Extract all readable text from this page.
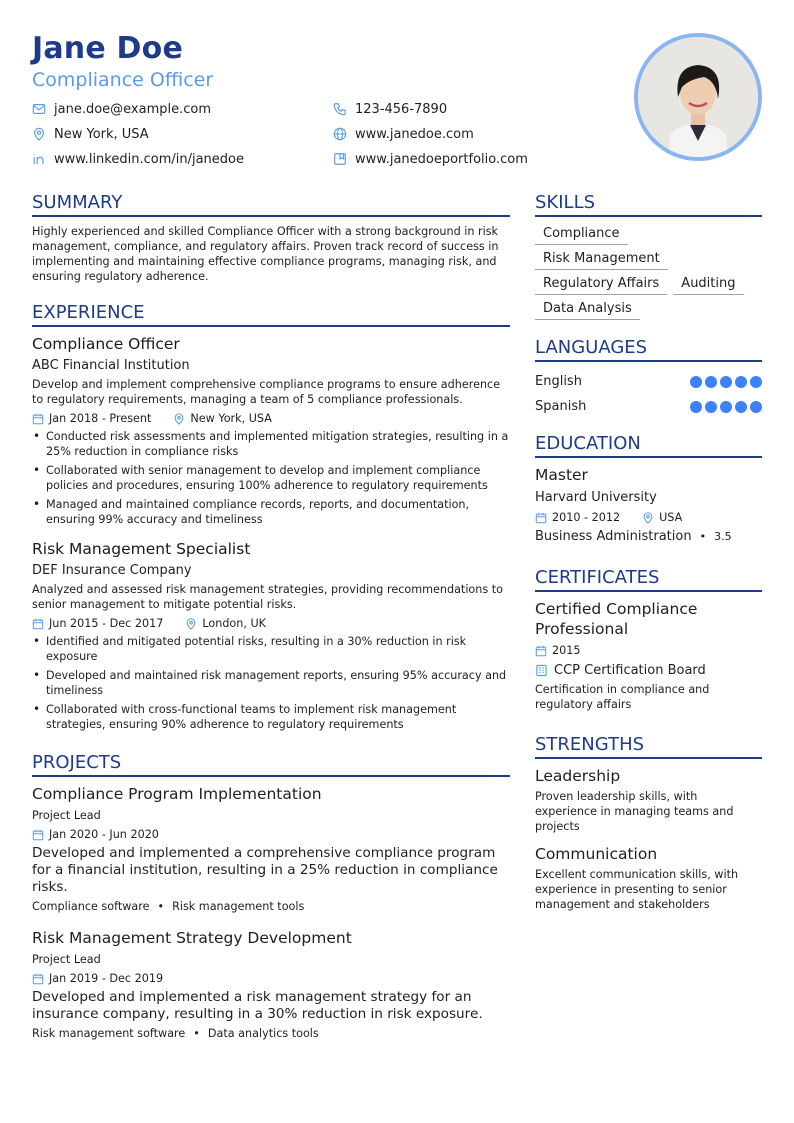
Jane Doe
Compliance Officer
jane.doe@example.com	123-456-7890
New York, USA	www.janedoe.com
www.linkedin.com/in/janedoe	www.janedoeportfolio.com
SUMMARY
Highly experienced and skilled Compliance Officer with a strong background in risk management, compliance, and regulatory affairs. Proven track record of success in implementing and maintaining effective compliance programs, managing risk, and ensuring regulatory adherence.
EXPERIENCE
Compliance Officer
ABC Financial Institution
Develop and implement comprehensive compliance programs to ensure adherence to regulatory requirements, managing a team of 5 compliance professionals.
Jan 2018 - Present	New York, USA
• Conducted risk assessments and implemented mitigation strategies, resulting in a 25% reduction in compliance risks
• Collaborated with senior management to develop and implement compliance policies and procedures, ensuring 100% adherence to regulatory requirements
• Managed and maintained compliance records, reports, and documentation, ensuring 99% accuracy and timeliness
Risk Management Specialist
DEF Insurance Company
Analyzed and assessed risk management strategies, providing recommendations to senior management to mitigate potential risks.
Jun 2015 - Dec 2017	London, UK
• Identified and mitigated potential risks, resulting in a 30% reduction in risk exposure
• Developed and maintained risk management reports, ensuring 95% accuracy and timeliness
• Collaborated with cross-functional teams to implement risk management strategies, ensuring 90% adherence to regulatory requirements
PROJECTS
Compliance Program Implementation
Project Lead
Jan 2020 - Jun 2020
Developed and implemented a comprehensive compliance program for a financial institution, resulting in a 25% reduction in compliance risks.
Compliance software • Risk management tools
Risk Management Strategy Development
Project Lead
Jan 2019 - Dec 2019
Developed and implemented a risk management strategy for an insurance company, resulting in a 30% reduction in risk exposure.
Risk management software • Data analytics tools
SKILLS
Compliance
Risk Management
Regulatory Affairs	Auditing
Data Analysis
LANGUAGES
English
Spanish
EDUCATION
Master
Harvard University
2010 - 2012	USA
Business Administration • 3.5
CERTIFICATES
Certified Compliance Professional
2015
CCP Certification Board
Certification in compliance and regulatory affairs
STRENGTHS
Leadership
Proven leadership skills, with experience in managing teams and projects
Communication
Excellent communication skills, with experience in presenting to senior management and stakeholders
